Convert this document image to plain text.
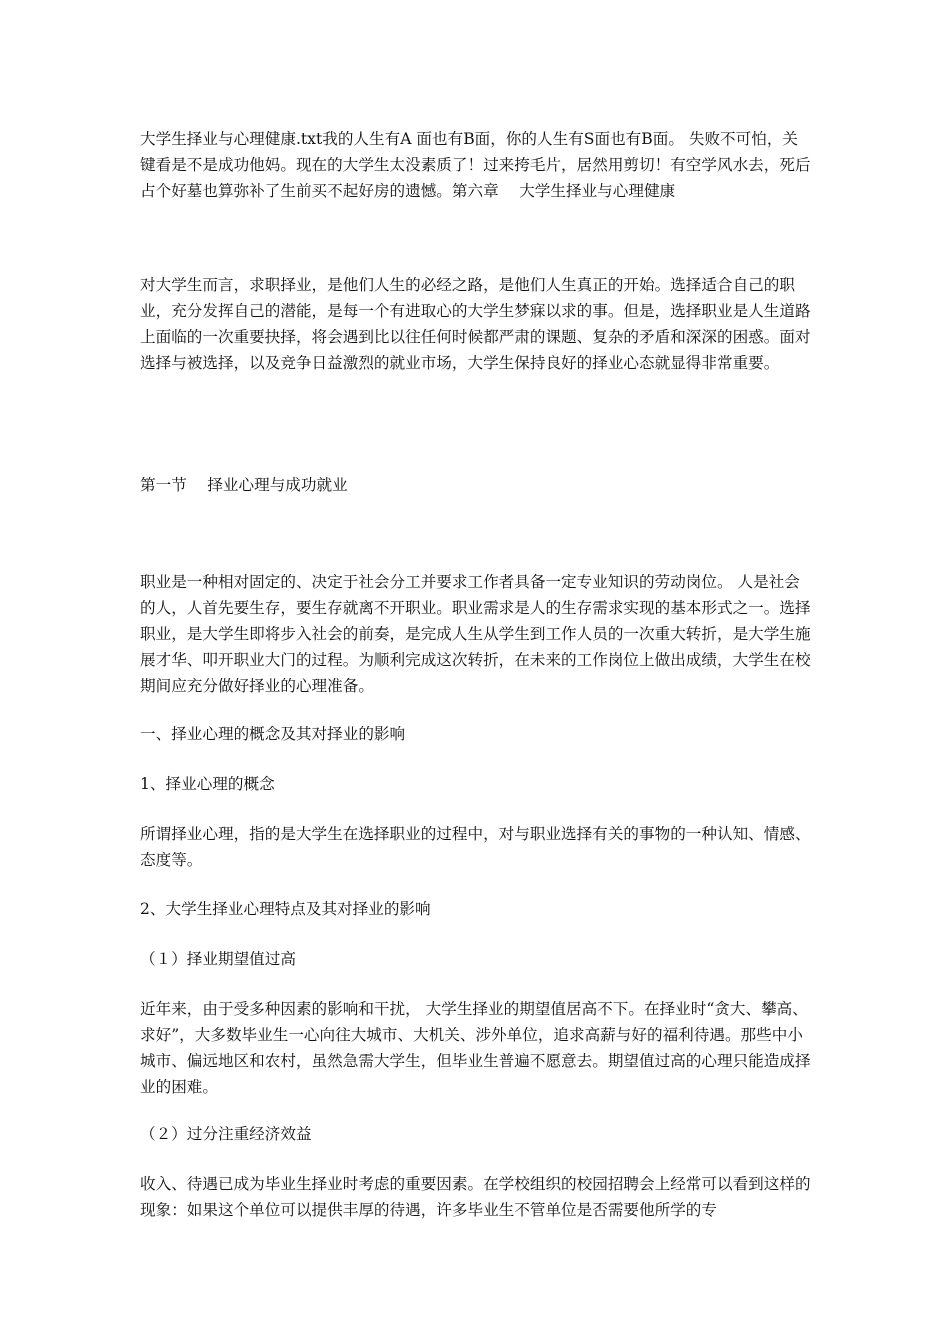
大学生择业与心理健康.txt我的人生有A 面也有B面，你的人生有S面也有B面。 失败不可怕，关键看是不是成功他妈。现在的大学生太没素质了！过来挎毛片，居然用剪切！有空学风水去，死后占个好墓也算弥补了生前买不起好房的遗憾。第六章　 大学生择业与心理健康

对大学生而言，求职择业，是他们人生的必经之路，是他们人生真正的开始。选择适合自己的职业，充分发挥自己的潜能，是每一个有进取心的大学生梦寐以求的事。但是，选择职业是人生道路上面临的一次重要抉择，将会遇到比以往任何时候都严肃的课题、复杂的矛盾和深深的困惑。面对选择与被选择，以及竞争日益激烈的就业市场，大学生保持良好的择业心态就显得非常重要。

第一节　 择业心理与成功就业

职业是一种相对固定的、决定于社会分工并要求工作者具备一定专业知识的劳动岗位。 人是社会的人，人首先要生存，要生存就离不开职业。职业需求是人的生存需求实现的基本形式之一。选择职业，是大学生即将步入社会的前奏，是完成人生从学生到工作人员的一次重大转折，是大学生施展才华、叩开职业大门的过程。为顺利完成这次转折，在未来的工作岗位上做出成绩，大学生在校期间应充分做好择业的心理准备。

一、择业心理的概念及其对择业的影响

1、择业心理的概念

所谓择业心理，指的是大学生在选择职业的过程中，对与职业选择有关的事物的一种认知、情感、态度等。

2、大学生择业心理特点及其对择业的影响

（１）择业期望值过高

近年来，由于受多种因素的影响和干扰， 大学生择业的期望值居高不下。在择业时“贪大、攀高、求好”，大多数毕业生一心向往大城市、大机关、涉外单位，追求高薪与好的福利待遇。那些中小城市、偏远地区和农村，虽然急需大学生，但毕业生普遍不愿意去。期望值过高的心理只能造成择业的困难。

（２）过分注重经济效益

收入、待遇已成为毕业生择业时考虑的重要因素。在学校组织的校园招聘会上经常可以看到这样的现象：如果这个单位可以提供丰厚的待遇，许多毕业生不管单位是否需要他所学的专
